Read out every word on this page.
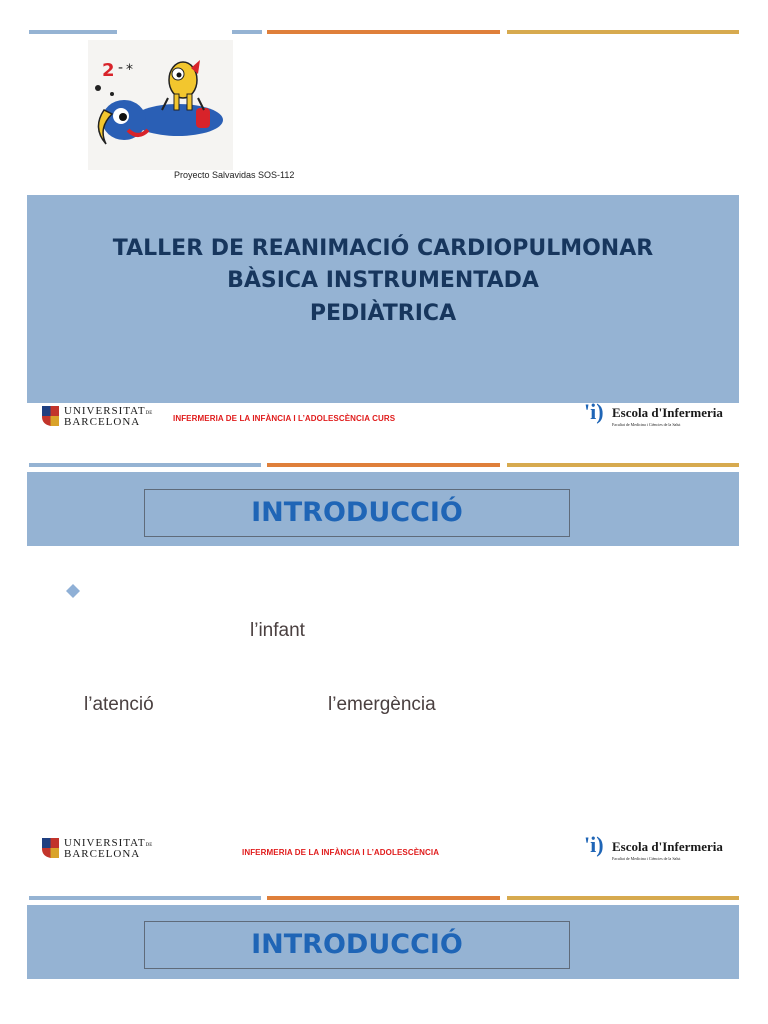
2 - *
Proyecto Salvavidas SOS-112
TALLER DE REANIMACIÓ CARDIOPULMONAR
BÀSICA INSTRUMENTADA
PEDIÀTRICA
UNIVERSITATDE
BARCELONA	INFERMERIA DE LA INFÀNCIA I L’ADOLESCÈNCIA CURS	'i) Escola d'Infermeria
Facultat de Medicina i Ciències de la Salut
INTRODUCCIÓ
l’infant
l’atenció	l’emergència
UNIVERSITATDE
BARCELONA	INFERMERIA DE LA INFÀNCIA I L’ADOLESCÈNCIA	'i) Escola d'Infermeria
Facultat de Medicina i Ciències de la Salut
INTRODUCCIÓ
